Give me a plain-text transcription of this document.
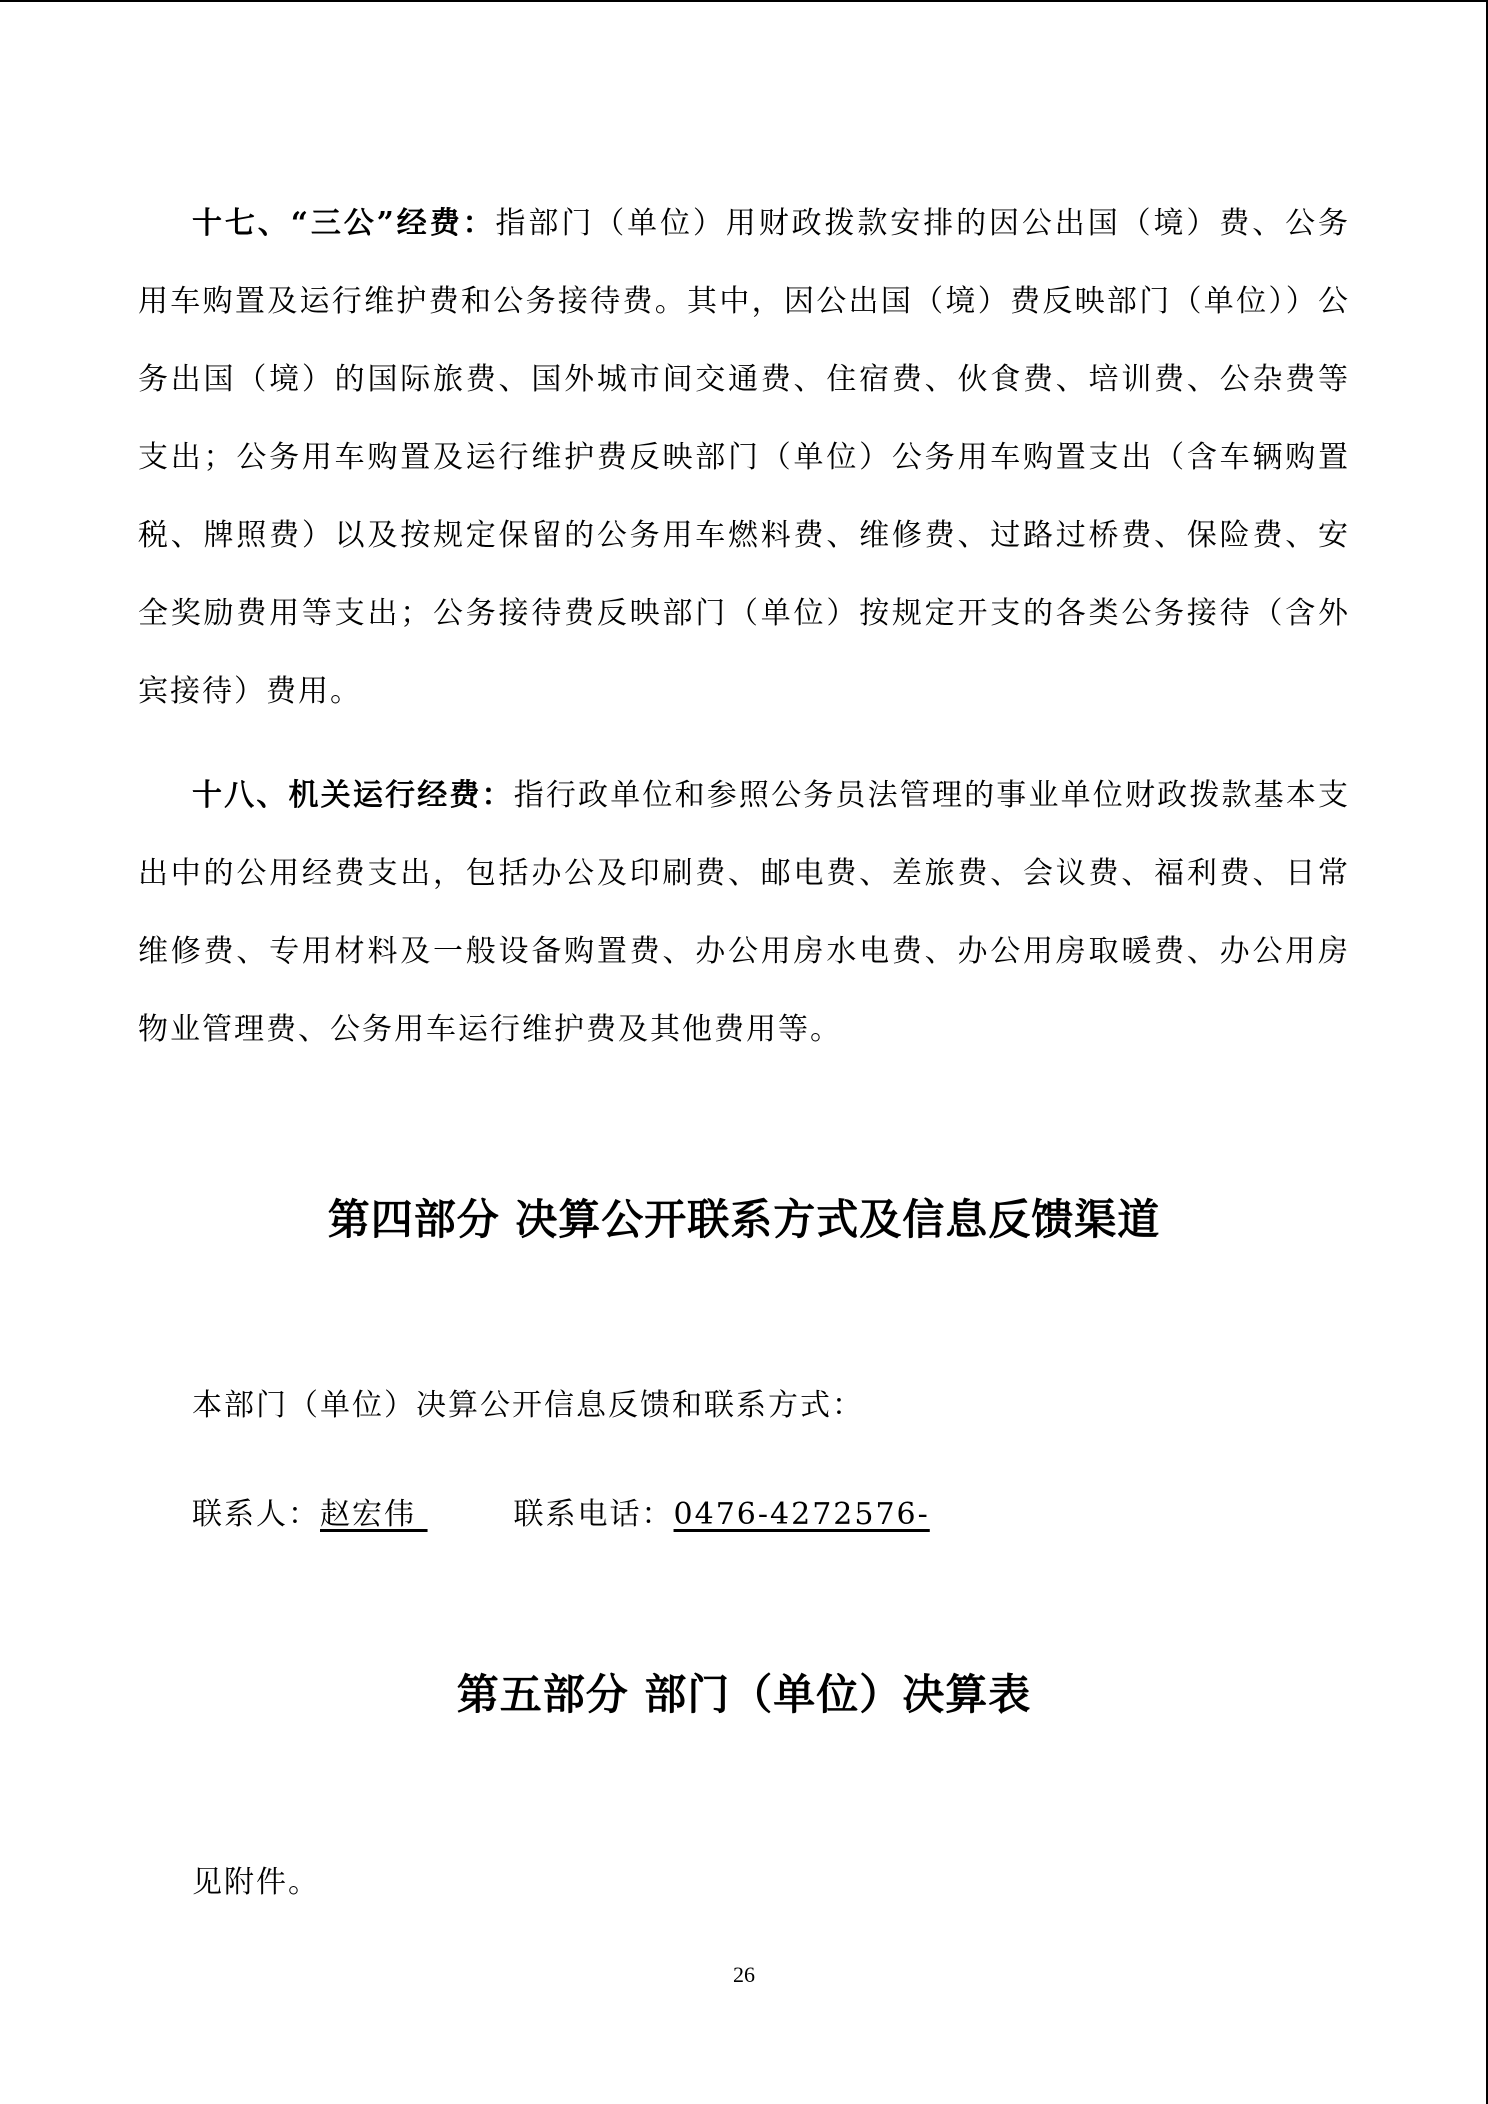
十七、“三公”经费：指部门（单位）用财政拨款安排的因公出国（境）费、公务用车购置及运行维护费和公务接待费。其中，因公出国（境）费反映部门（单位））公务出国（境）的国际旅费、国外城市间交通费、住宿费、伙食费、培训费、公杂费等支出；公务用车购置及运行维护费反映部门（单位）公务用车购置支出（含车辆购置税、牌照费）以及按规定保留的公务用车燃料费、维修费、过路过桥费、保险费、安全奖励费用等支出；公务接待费反映部门（单位）按规定开支的各类公务接待（含外宾接待）费用。

十八、机关运行经费：指行政单位和参照公务员法管理的事业单位财政拨款基本支出中的公用经费支出，包括办公及印刷费、邮电费、差旅费、会议费、福利费、日常维修费、专用材料及一般设备购置费、办公用房水电费、办公用房取暖费、办公用房物业管理费、公务用车运行维护费及其他费用等。

第四部分 决算公开联系方式及信息反馈渠道

本部门（单位）决算公开信息反馈和联系方式：

联系人：赵宏伟	联系电话：0476-4272576-

第五部分 部门（单位）决算表

见附件。

26
